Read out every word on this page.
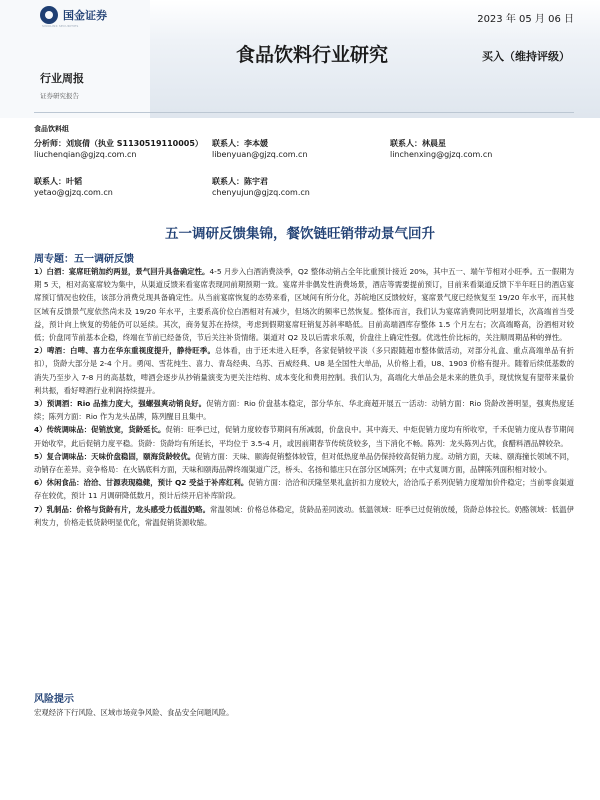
国金证券
SINOLINK SECURITIES
2023 年 05 月 06 日
食品饮料行业研究	买入（维持评级）
行业周报
证券研究报告
食品饮料组
分析师：刘宸倩（执业 S1130519110005）
liuchenqian@gjzq.com.cn
联系人：李本媛
libenyuan@gjzq.com.cn
联系人：林晨星
linchenxing@gjzq.com.cn
联系人：叶韬
yetao@gjzq.com.cn
联系人：陈宇君
chenyujun@gjzq.com.cn
五一调研反馈集锦，餐饮链旺销带动景气回升
周专题：五一调研反馈

1）白酒：宴席旺销加约两显，景气回升具备确定性。4-5 月步入白酒消费淡季，Q2 整体动销占全年比重预计接近 20%，其中五一、端午节相对小旺季。五一假期为期 5 天，相对高宴席较为集中，从渠道反馈来看宴席表现同前期预期一致。宴席并非偶发性消费场景，酒店等需要提前预订，目前来看渠道反馈下半年旺日的酒店宴席预订情况也较佳，该部分消费兑现具备确定性。从当前宴席恢复的态势来看，区域间有所分化，苏皖地区反馈较好，宴席景气度已经恢复至 19/20 年水平，而其他区域有反馈景气度依然尚未及 19/20 年水平，主要系高价位白酒相对有减少，但场次的频率已然恢复。整体而言，我们认为宴席消费同比明显增长，次高端首当受益，预计向上恢复的势能仍可以延续。其次，商务复苏在持续，考虑到假期宴席旺销复苏斜率略低。目前高端酒库存整体 1.5 个月左右；次高端略高，汾酒相对较低；价盘同节前基本企稳，终端在节前已经备货，节后关注补货情绪。渠道对 Q2 及以后需求乐观，价盘往上确定性强。优选性价比标的，关注顺周期品种的弹性。

2）啤酒：白啤、喜力在华东重视度提升，静待旺季。总体看，由于还未进入旺季，各家促销较平淡（多只跟随超市整体做活动，对部分礼盒、重点高端单品有折扣），货龄大部分是 2-4 个月。勇闯、雪花纯生、喜力、青岛经典、乌苏、百威经典、U8 是全国性大单品，从价格上看，U8、1903 价格有提升。随着后续低基数的消失乃至步入 7-8 月的高基数，啤酒会逐步从抄销量演变为更关注结构、成本变化和费用控制。我们认为，高端化大单品会是未来的胜负手，现忧恢复有望带来量价利共振，看好啤酒行业利润持续提升。

3）预调酒：Rio 品推力度大，强螺强爽动销良好。促销方面：Rio 价盘基本稳定，部分华东、华北商超开展五一活动：动销方面：Rio 货龄改善明显，强爽热度延续；陈列方面：Rio 作为龙头品牌，陈列醒目且集中。

4）传统调味品：促销放宽，货龄延长。促销：旺季已过，促销力度较春节期间有所减弱，价盘良中。其中海天、中炬促销力度均有所收窄，千禾促销力度从春节期间开始收窄，此后促销力度平稳。货龄：货龄均有所延长，平均位于 3.5-4 月，或因前期春节传统货较多，当下消化不畅。陈列：龙头陈列占优，食醋料酒品牌较杂。

5）复合调味品：天味价盘稳固，颐海货龄较优。促销方面：天味、颐海促销整体较管，但对低热度单品仍保持较高促销力度。动销方面，天味、颐海撞长领域不同，动销存在差异。竞争格局：在火锅底料方面，天味和颐海品牌终端渠道广泛，桥头、名扬和德庄只在部分区域陈列；在中式复调方面，品牌陈列面积相对较小。

6）休闲食品：洽洽、甘源表现稳健，预计 Q2 受益于补库红利。促销方面：洽洽和沃隆坚果礼盒折扣力度较大，洽洽瓜子系列促销力度增加价件稳定；当前零食渠道存在较优，预计 11 月调研降低数月，预计后续开启补库阶段。

7）乳制品：价格与货龄有片，龙头感受力低温奶略。常温领域：价格总体稳定，货龄品差同波动。低温领域：旺季已过促销放缓，货龄总体拉长。奶酪领域：低温伊利发力，价格走低货龄明显优化，常温促销货源收缩。

风险提示
宏观经济下行风险、区域市场竞争风险、食品安全问题风险。
